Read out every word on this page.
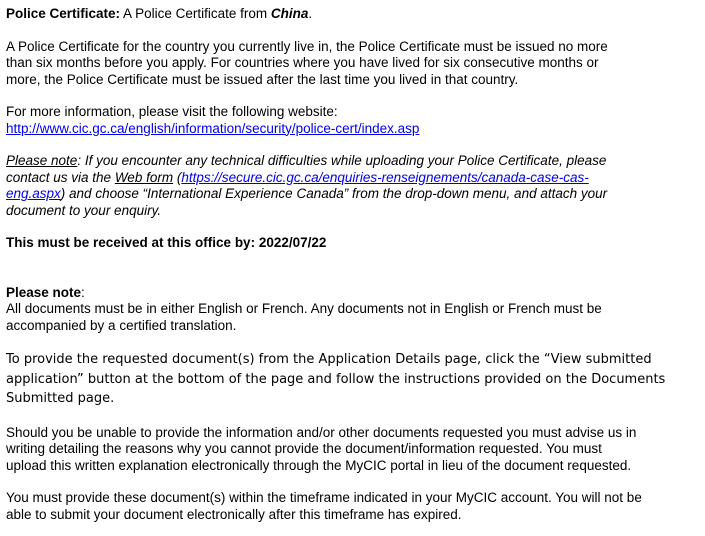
Police Certificate: A Police Certificate from China.

A Police Certificate for the country you currently live in, the Police Certificate must be issued no more
than six months before you apply. For countries where you have lived for six consecutive months or
more, the Police Certificate must be issued after the last time you lived in that country.

For more information, please visit the following website:
http://www.cic.gc.ca/english/information/security/police-cert/index.asp

Please note: If you encounter any technical difficulties while uploading your Police Certificate, please
contact us via the Web form (https://secure.cic.gc.ca/enquiries-renseignements/canada-case-cas-
eng.aspx) and choose “International Experience Canada” from the drop-down menu, and attach your
document to your enquiry.

This must be received at this office by: 2022/07/22

Please note:
All documents must be in either English or French. Any documents not in English or French must be
accompanied by a certified translation.

To provide the requested document(s) from the Application Details page, click the “View submitted
application” button at the bottom of the page and follow the instructions provided on the Documents
Submitted page.

Should you be unable to provide the information and/or other documents requested you must advise us in
writing detailing the reasons why you cannot provide the document/information requested. You must
upload this written explanation electronically through the MyCIC portal in lieu of the document requested.

You must provide these document(s) within the timeframe indicated in your MyCIC account. You will not be
able to submit your document electronically after this timeframe has expired.
